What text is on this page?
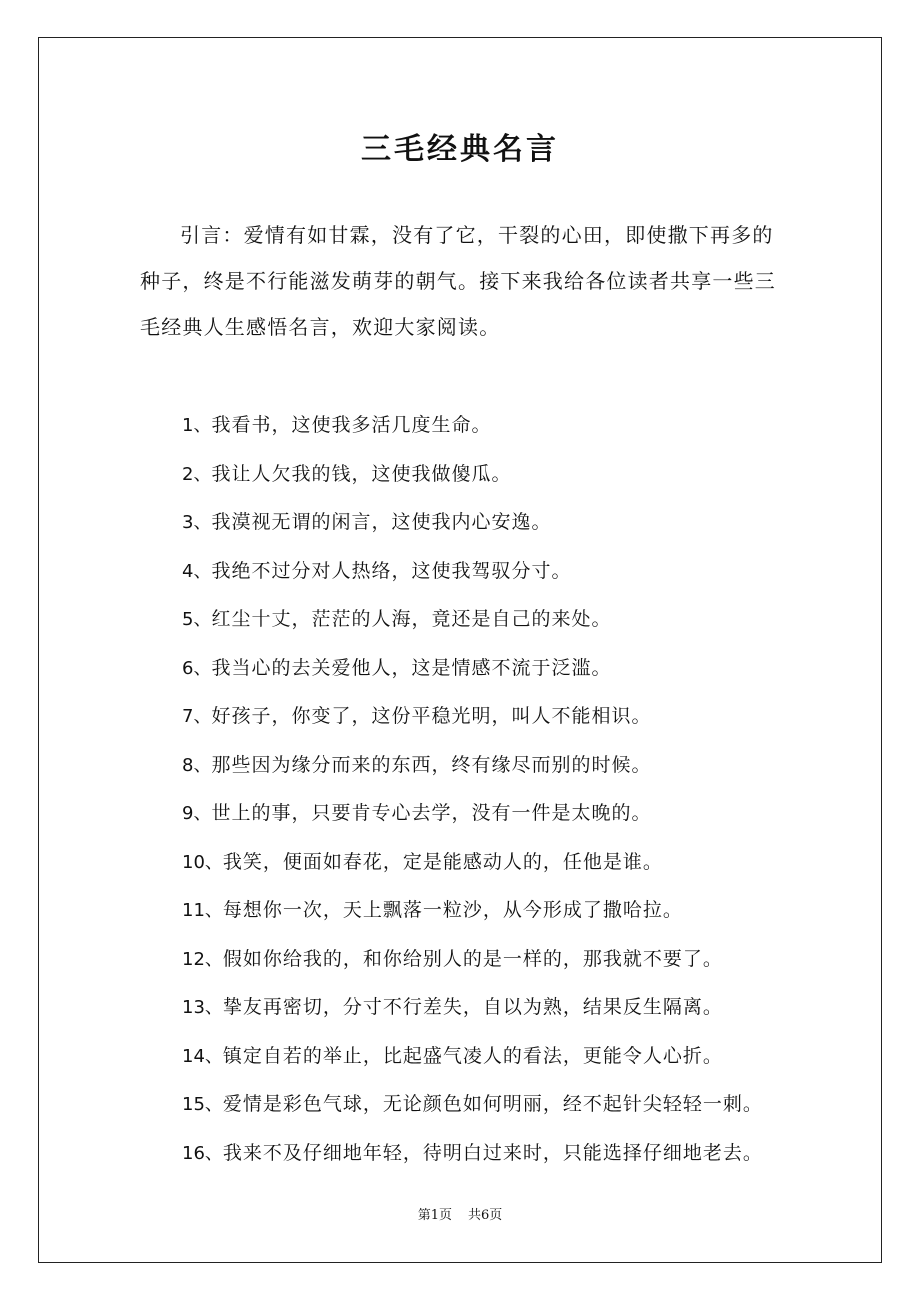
三毛经典名言

引言：爱情有如甘霖，没有了它，干裂的心田，即使撒下再多的种子，终是不行能滋发萌芽的朝气。接下来我给各位读者共享一些三毛经典人生感悟名言，欢迎大家阅读。

1、我看书，这使我多活几度生命。
2、我让人欠我的钱，这使我做傻瓜。
3、我漠视无谓的闲言，这使我内心安逸。
4、我绝不过分对人热络，这使我驾驭分寸。
5、红尘十丈，茫茫的人海，竟还是自己的来处。
6、我当心的去关爱他人，这是情感不流于泛滥。
7、好孩子，你变了，这份平稳光明，叫人不能相识。
8、那些因为缘分而来的东西，终有缘尽而别的时候。
9、世上的事，只要肯专心去学，没有一件是太晚的。
10、我笑，便面如春花，定是能感动人的，任他是谁。
11、每想你一次，天上飘落一粒沙，从今形成了撒哈拉。
12、假如你给我的，和你给别人的是一样的，那我就不要了。
13、挚友再密切，分寸不行差失，自以为熟，结果反生隔离。
14、镇定自若的举止，比起盛气凌人的看法，更能令人心折。
15、爱情是彩色气球，无论颜色如何明丽，经不起针尖轻轻一刺。
16、我来不及仔细地年轻，待明白过来时，只能选择仔细地老去。
第1页 共6页
